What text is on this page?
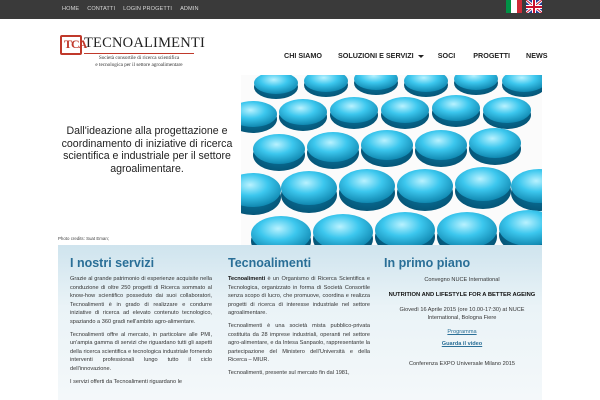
HOME	CONTATTI	LOGIN PROGETTI	ADMIN
TCA
TECNOALIMENTI
Società consortile di ricerca scientifica
e tecnologica per il settore agroalimentare
CHI SIAMO SOLUZIONI E SERVIZI	SOCI	PROGETTI NEWS
Dall'ideazione alla progettazione e
coordinamento di iniziative di ricerca
scientifica e industriale per il settore
agroalimentare.
Photo credits: Suat Eman;
I nostri servizi

Grazie al grande patrimonio di esperienze acquisite nella conduzione di oltre 250 progetti di Ricerca sommato al know-how scientifico posseduto dai suoi collaboratori, Tecnoalimenti è in grado di realizzare e condurre iniziative di ricerca ad elevato contenuto tecnologico, spaziando a 360 gradi nell'ambito agro-alimentare.

Tecnoalimenti offre al mercato, in particolare alle PMI, un'ampia gamma di servizi che riguardano tutti gli aspetti della ricerca scientifica e tecnologica industriale fornendo interventi professionali lungo tutto il ciclo dell'innovazione.

I servizi offerti da Tecnoalimenti riguardano le

Tecnoalimenti

Tecnoalimenti è un Organismo di Ricerca Scientifica e Tecnologica, organizzato in forma di Società Consortile senza scopo di lucro, che promuove, coordina e realizza progetti di ricerca di interesse industriale nel settore agroalimentare.

Tecnoalimenti è una società mista pubblico-privata costituita da 28 imprese industriali, operanti nel settore agro-alimentare, e da Intesa Sanpaolo, rappresentante la partecipazione del Ministero dell'Università e della Ricerca – MIUR.

Tecnoalimenti, presente sul mercato fin dal 1981,

In primo piano
Convegno NUCE International
NUTRITION AND LIFESTYLE FOR A BETTER AGEING
Giovedì 16 Aprile 2015 (ore 10.00-17:30) at NUCE International, Bologna Fiere
Programma
Guarda il video
Conferenza EXPO Universale Milano 2015
